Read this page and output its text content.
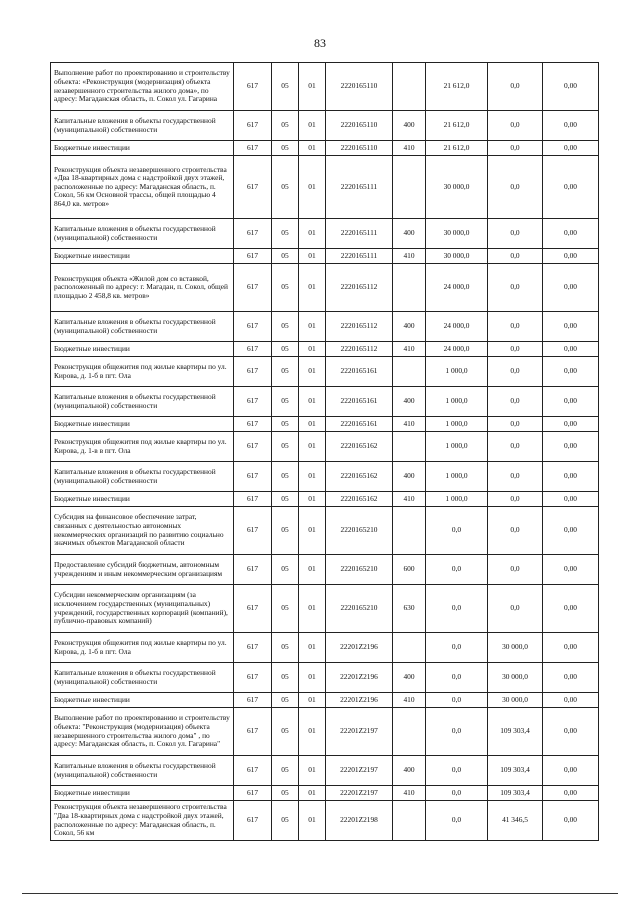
83
Выполнение работ по проектированию и строительству объекта: «Реконструкция (модернизация) объекта незавершенного строительства жилого дома», по адресу: Магаданская область, п. Сокол ул. Гагарина	617	05	01	2220165110		21 612,0	0,0	0,00
Капитальные вложения в объекты государственной (муниципальной) собственности	617	05	01	2220165110	400	21 612,0	0,0	0,00
Бюджетные инвестиции	617	05	01	2220165110	410	21 612,0	0,0	0,00
Реконструкция объекта незавершенного строительства «Два 18-квартирных дома с надстройкой двух этажей, расположенные по адресу: Магаданская область, п. Сокол, 56 км Основной трассы, общей площадью 4 864,0 кв. метров»	617	05	01	2220165111		30 000,0	0,0	0,00
Капитальные вложения в объекты государственной (муниципальной) собственности	617	05	01	2220165111	400	30 000,0	0,0	0,00
Бюджетные инвестиции	617	05	01	2220165111	410	30 000,0	0,0	0,00
Реконструкция объекта «Жилой дом со вставкой, расположенный по адресу: г. Магадан, п. Сокол, общей площадью 2 458,8 кв. метров»	617	05	01	2220165112		24 000,0	0,0	0,00
Капитальные вложения в объекты государственной (муниципальной) собственности	617	05	01	2220165112	400	24 000,0	0,0	0,00
Бюджетные инвестиции	617	05	01	2220165112	410	24 000,0	0,0	0,00
Реконструкция общежития под жилые квартиры по ул. Кирова, д. 1-б в пгт. Ола	617	05	01	2220165161		1 000,0	0,0	0,00
Капитальные вложения в объекты государственной (муниципальной) собственности	617	05	01	2220165161	400	1 000,0	0,0	0,00
Бюджетные инвестиции	617	05	01	2220165161	410	1 000,0	0,0	0,00
Реконструкция общежития под жилые квартиры по ул. Кирова, д. 1-в в пгт. Ола	617	05	01	2220165162		1 000,0	0,0	0,00
Капитальные вложения в объекты государственной (муниципальной) собственности	617	05	01	2220165162	400	1 000,0	0,0	0,00
Бюджетные инвестиции	617	05	01	2220165162	410	1 000,0	0,0	0,00
Субсидия на финансовое обеспечение затрат, связанных с деятельностью автономных некоммерческих организаций по развитию социально значимых объектов Магаданской области	617	05	01	2220165210		0,0	0,0	0,00
Предоставление субсидий бюджетным, автономным учреждениям и иным некоммерческим организациям	617	05	01	2220165210	600	0,0	0,0	0,00
Субсидии некоммерческим организациям (за исключением государственных (муниципальных) учреждений, государственных корпораций (компаний), публично-правовых компаний)	617	05	01	2220165210	630	0,0	0,0	0,00
Реконструкция общежития под жилые квартиры по ул. Кирова, д. 1-б в пгт. Ола	617	05	01	22201Z2196		0,0	30 000,0	0,00
Капитальные вложения в объекты государственной (муниципальной) собственности	617	05	01	22201Z2196	400	0,0	30 000,0	0,00
Бюджетные инвестиции	617	05	01	22201Z2196	410	0,0	30 000,0	0,00
Выполнение работ по проектированию и строительству объекта: "Реконструкция (модернизация) объекта незавершенного строительства жилого дома" , по адресу: Магаданская область, п. Сокол ул. Гагарина"	617	05	01	22201Z2197		0,0	109 303,4	0,00
Капитальные вложения в объекты государственной (муниципальной) собственности	617	05	01	22201Z2197	400	0,0	109 303,4	0,00
Бюджетные инвестиции	617	05	01	22201Z2197	410	0,0	109 303,4	0,00
Реконструкция объекта незавершенного строительства "Два 18-квартирных дома с надстройкой двух этажей, расположенные по адресу: Магаданская область, п. Сокол, 56 км	617	05	01	22201Z2198		0,0	41 346,5	0,00
